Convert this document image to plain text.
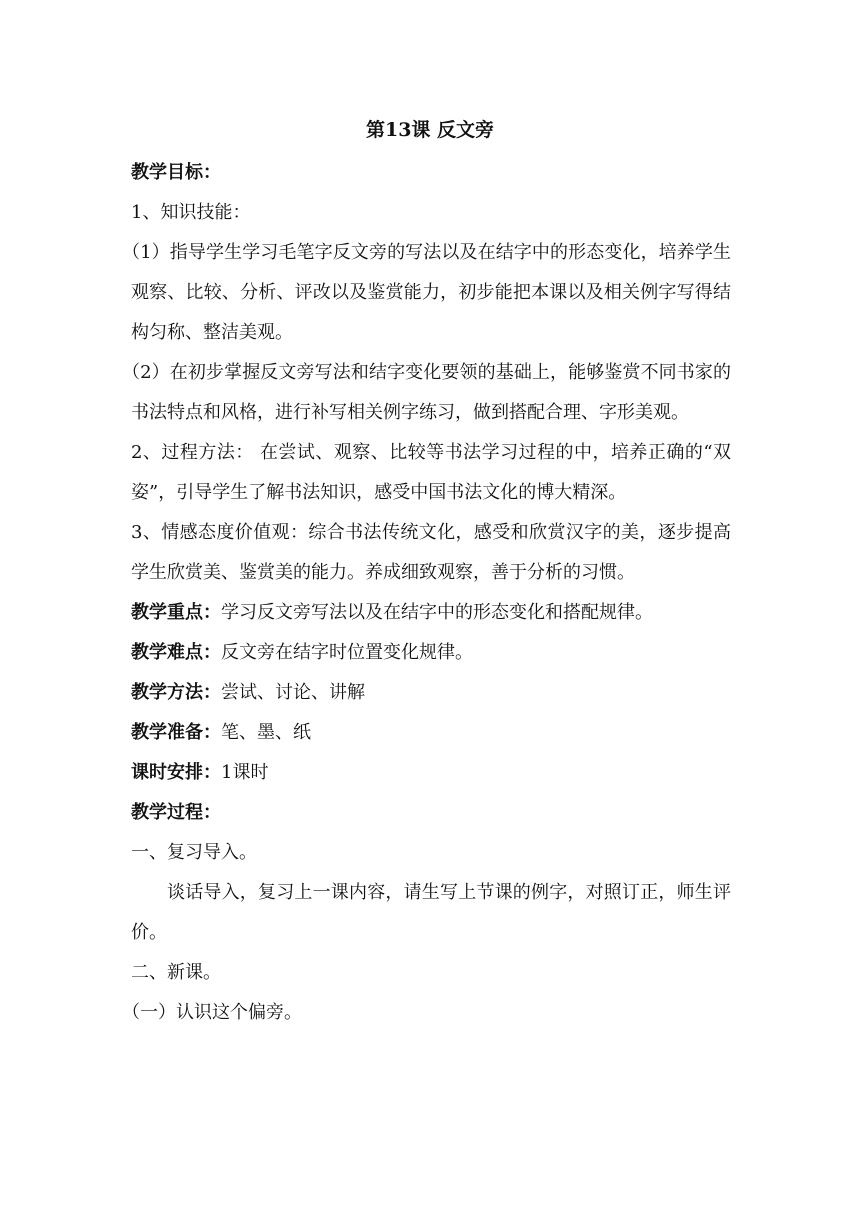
第13课 反文旁

教学目标：

1、知识技能：

（1）指导学生学习毛笔字反文旁的写法以及在结字中的形态变化，培养学生观察、比较、分析、评改以及鉴赏能力，初步能把本课以及相关例字写得结构匀称、整洁美观。

（2）在初步掌握反文旁写法和结字变化要领的基础上，能够鉴赏不同书家的书法特点和风格，进行补写相关例字练习，做到搭配合理、字形美观。

2、过程方法： 在尝试、观察、比较等书法学习过程的中，培养正确的“双姿”，引导学生了解书法知识，感受中国书法文化的博大精深。

3、情感态度价值观：综合书法传统文化，感受和欣赏汉字的美，逐步提高学生欣赏美、鉴赏美的能力。养成细致观察，善于分析的习惯。

教学重点：学习反文旁写法以及在结字中的形态变化和搭配规律。

教学难点：反文旁在结字时位置变化规律。

教学方法：尝试、讨论、讲解

教学准备：笔、墨、纸

课时安排：1课时

教学过程：

一、复习导入。

谈话导入，复习上一课内容，请生写上节课的例字，对照订正，师生评价。

二、新课。

（一）认识这个偏旁。
